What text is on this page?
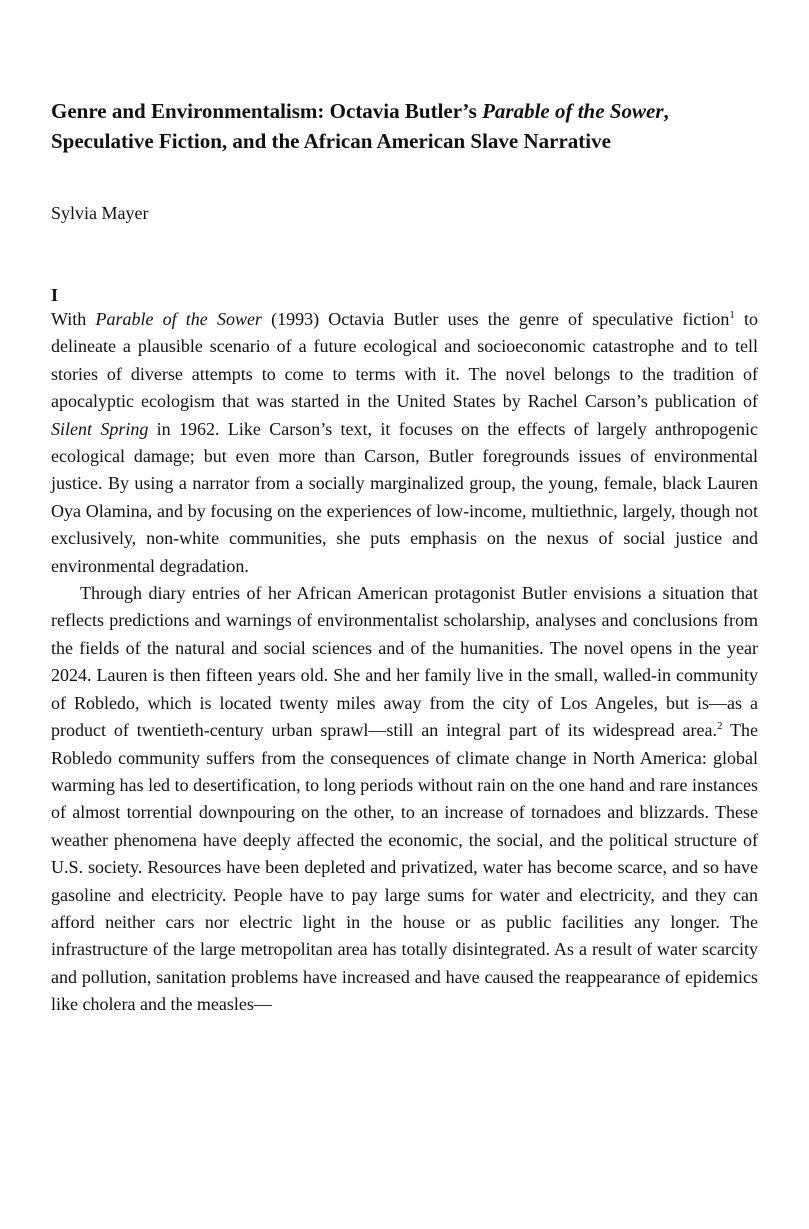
Genre and Environmentalism: Octavia Butler’s Parable of the Sower,
Speculative Fiction, and the African American Slave Narrative
Sylvia Mayer
I

With Parable of the Sower (1993) Octavia Butler uses the genre of speculative fiction$^1$ to delineate a plausible scenario of a future ecological and socioeconomic catastrophe and to tell stories of diverse attempts to come to terms with it. The novel belongs to the tradition of apocalyptic ecologism that was started in the United States by Rachel Carson’s publication of Silent Spring in 1962. Like Carson’s text, it focuses on the effects of largely anthropogenic ecological damage; but even more than Carson, Butler foregrounds issues of environmental justice. By using a narrator from a socially marginalized group, the young, female, black Lauren Oya Olamina, and by focusing on the experiences of low-income, multiethnic, largely, though not exclusively, non-white communities, she puts emphasis on the nexus of social justice and environmental degradation.

Through diary entries of her African American protagonist Butler envisions a situation that reflects predictions and warnings of environmentalist scholarship, analyses and conclusions from the fields of the natural and social sciences and of the humanities. The novel opens in the year 2024. Lauren is then fifteen years old. She and her family live in the small, walled-in community of Robledo, which is located twenty miles away from the city of Los Angeles, but is—as a product of twentieth-century urban sprawl—still an integral part of its widespread area.$^2$ The Robledo community suffers from the consequences of climate change in North America: global warming has led to desertification, to long periods without rain on the one hand and rare instances of almost torrential downpouring on the other, to an increase of tornadoes and blizzards. These weather phenomena have deeply affected the economic, the social, and the political structure of U.S. society. Resources have been depleted and privatized, water has become scarce, and so have gasoline and electricity. People have to pay large sums for water and electricity, and they can afford neither cars nor electric light in the house or as public facilities any longer. The infrastructure of the large metropolitan area has totally disintegrated. As a result of water scarcity and pollution, sanitation problems have increased and have caused the reappearance of epidemics like cholera and the measles—
